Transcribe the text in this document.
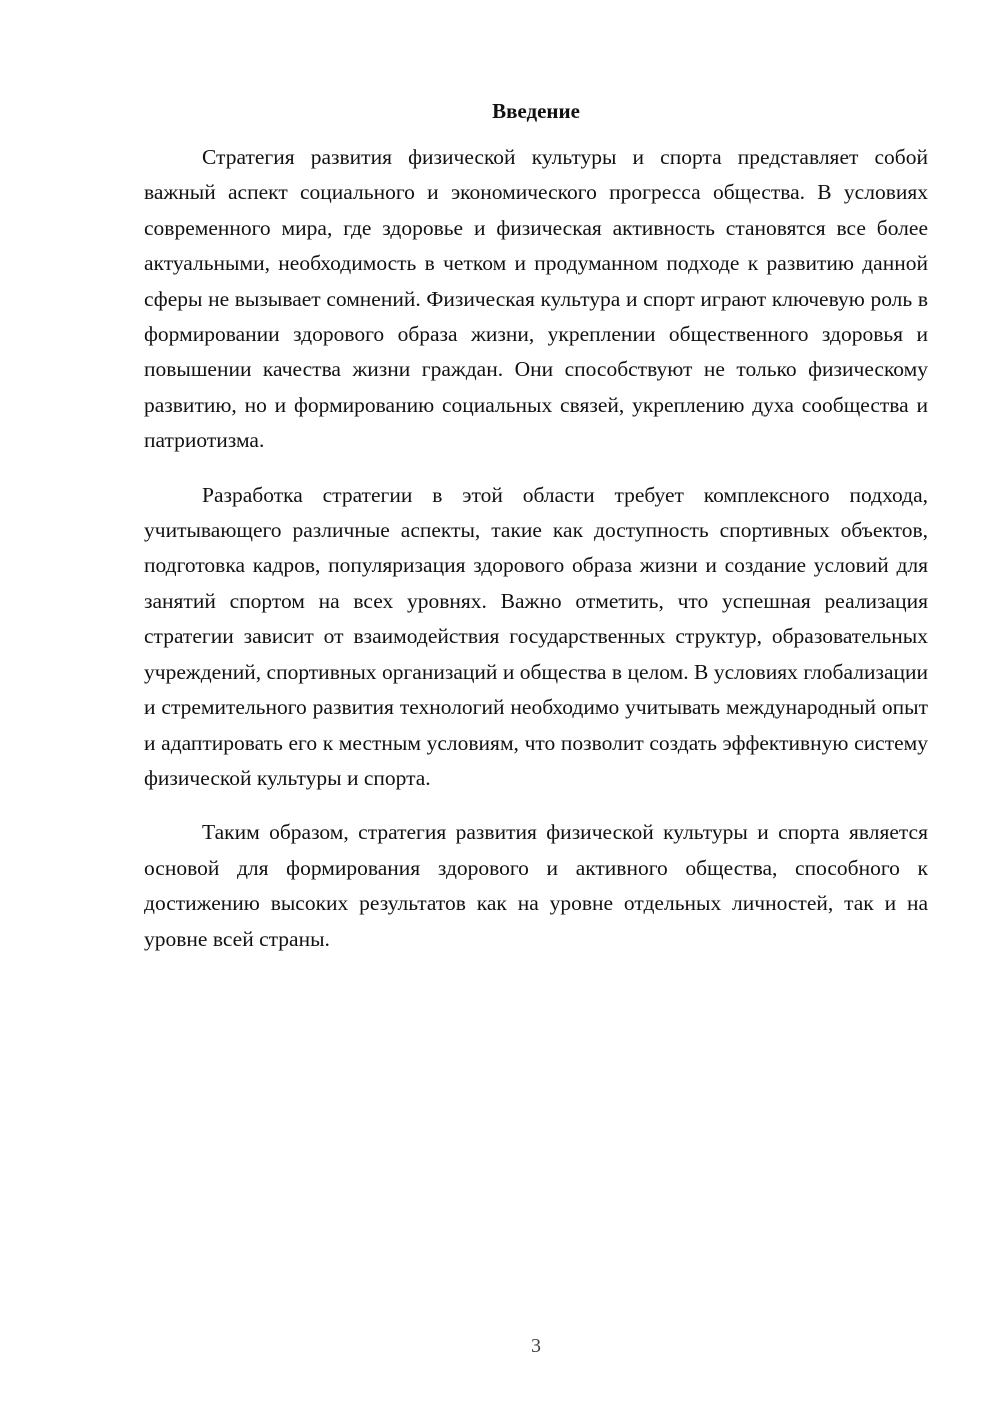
Введение

Стратегия развития физической культуры и спорта представляет собой важный аспект социального и экономического прогресса общества. В условиях современного мира, где здоровье и физическая активность становятся все более актуальными, необходимость в четком и продуманном подходе к развитию данной сферы не вызывает сомнений. Физическая культура и спорт играют ключевую роль в формировании здорового образа жизни, укреплении общественного здоровья и повышении качества жизни граждан. Они способствуют не только физическому развитию, но и формированию социальных связей, укреплению духа сообщества и патриотизма.

Разработка стратегии в этой области требует комплексного подхода, учитывающего различные аспекты, такие как доступность спортивных объектов, подготовка кадров, популяризация здорового образа жизни и создание условий для занятий спортом на всех уровнях. Важно отметить, что успешная реализация стратегии зависит от взаимодействия государственных структур, образовательных учреждений, спортивных организаций и общества в целом. В условиях глобализации и стремительного развития технологий необходимо учитывать международный опыт и адаптировать его к местным условиям, что позволит создать эффективную систему физической культуры и спорта.

Таким образом, стратегия развития физической культуры и спорта является основой для формирования здорового и активного общества, способного к достижению высоких результатов как на уровне отдельных личностей, так и на уровне всей страны.

3
